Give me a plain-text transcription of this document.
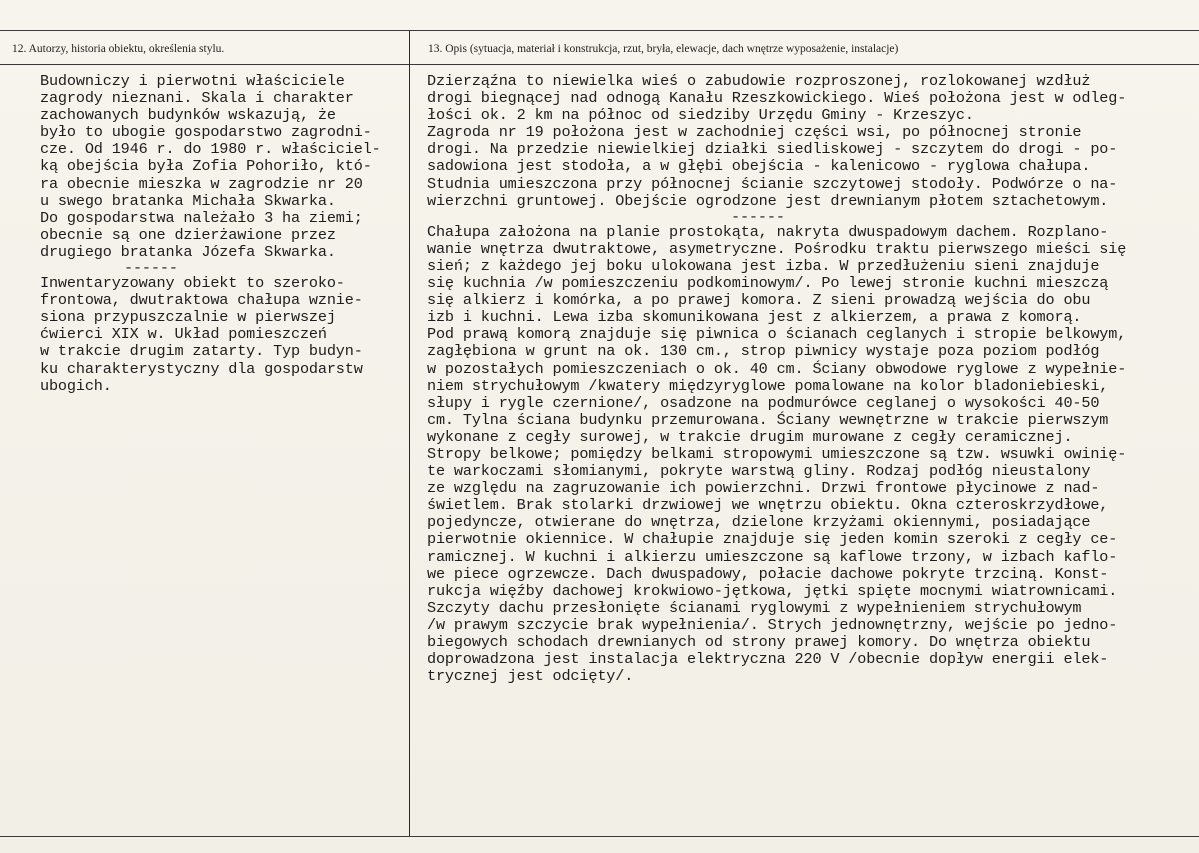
12. Autorzy, historia obiektu, określenia stylu.
Budowniczy i pierwotni właściciele
zagrody nieznani. Skala i charakter
zachowanych budynków wskazują, że
było to ubogie gospodarstwo zagrodni-
cze. Od 1946 r. do 1980 r. właściciel-
ką obejścia była Zofia Pohoriło, któ-
ra obecnie mieszka w zagrodzie nr 20
u swego bratanka Michała Skwarka.
Do gospodarstwa należało 3 ha ziemi;
obecnie są one dzierżawione przez
drugiego bratanka Józefa Skwarka.
------
Inwentaryzowany obiekt to szeroko-
frontowa, dwutraktowa chałupa wznie-
siona przypuszczalnie w pierwszej
ćwierci XIX w. Układ pomieszczeń
w trakcie drugim zatarty. Typ budyn-
ku charakterystyczny dla gospodarstw
ubogich.
13. Opis (sytuacja, materiał i konstrukcja, rzut, bryła, elewacje, dach wnętrze wyposażenie, instalacje)
Dzierząźna to niewielka wieś o zabudowie rozproszonej, rozlokowanej wzdłuż
drogi biegnącej nad odnogą Kanału Rzeszkowickiego. Wieś położona jest w odleg-
łości ok. 2 km na północ od siedziby Urzędu Gminy - Krzeszyc.
Zagroda nr 19 położona jest w zachodniej części wsi, po północnej stronie
drogi. Na przedzie niewielkiej działki siedliskowej - szczytem do drogi - po-
sadowiona jest stodoła, a w głębi obejścia - kalenicowo - ryglowa chałupa.
Studnia umieszczona przy północnej ścianie szczytowej stodoły. Podwórze o na-
wierzchni gruntowej. Obejście ogrodzone jest drewnianym płotem sztachetowym.
------
Chałupa założona na planie prostokąta, nakryta dwuspadowym dachem. Rozplano-
wanie wnętrza dwutraktowe, asymetryczne. Pośrodku traktu pierwszego mieści się
sień; z każdego jej boku ulokowana jest izba. W przedłużeniu sieni znajduje
się kuchnia /w pomieszczeniu podkominowym/. Po lewej stronie kuchni mieszczą
się alkierz i komórka, a po prawej komora. Z sieni prowadzą wejścia do obu
izb i kuchni. Lewa izba skomunikowana jest z alkierzem, a prawa z komorą.
Pod prawą komorą znajduje się piwnica o ścianach ceglanych i stropie belkowym,
zagłębiona w grunt na ok. 130 cm., strop piwnicy wystaje poza poziom podłóg
w pozostałych pomieszczeniach o ok. 40 cm. Ściany obwodowe ryglowe z wypełnie-
niem strychułowym /kwatery międzyryglowe pomalowane na kolor bladoniebieski,
słupy i rygle czernione/, osadzone na podmurówce ceglanej o wysokości 40-50
cm. Tylna ściana budynku przemurowana. Ściany wewnętrzne w trakcie pierwszym
wykonane z cegły surowej, w trakcie drugim murowane z cegły ceramicznej.
Stropy belkowe; pomiędzy belkami stropowymi umieszczone są tzw. wsuwki owinię-
te warkoczami słomianymi, pokryte warstwą gliny. Rodzaj podłóg nieustalony
ze względu na zagruzowanie ich powierzchni. Drzwi frontowe płycinowe z nad-
świetlem. Brak stolarki drzwiowej we wnętrzu obiektu. Okna czteroskrzydłowe,
pojedyncze, otwierane do wnętrza, dzielone krzyżami okiennymi, posiadające
pierwotnie okiennice. W chałupie znajduje się jeden komin szeroki z cegły ce-
ramicznej. W kuchni i alkierzu umieszczone są kaflowe trzony, w izbach kaflo-
we piece ogrzewcze. Dach dwuspadowy, połacie dachowe pokryte trzciną. Konst-
rukcja więźby dachowej krokwiowo-jętkowa, jętki spięte mocnymi wiatrownicami.
Szczyty dachu przesłonięte ścianami ryglowymi z wypełnieniem strychułowym
/w prawym szczycie brak wypełnienia/. Strych jednownętrzny, wejście po jedno-
biegowych schodach drewnianych od strony prawej komory. Do wnętrza obiektu
doprowadzona jest instalacja elektryczna 220 V /obecnie dopływ energii elek-
trycznej jest odcięty/.
